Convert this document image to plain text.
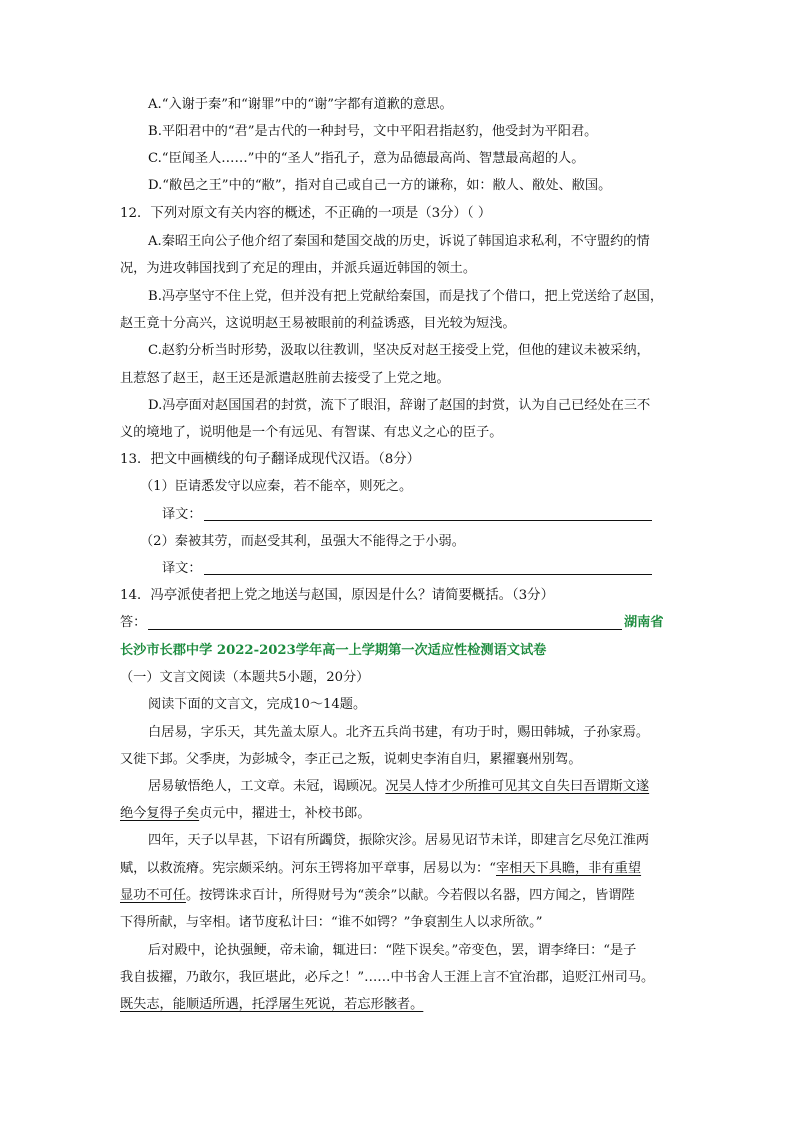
A.“入谢于秦”和“谢罪”中的“谢”字都有道歉的意思。
B.平阳君中的“君”是古代的一种封号，文中平阳君指赵豹，他受封为平阳君。
C.“臣闻圣人……”中的“圣人”指孔子，意为品德最高尚、智慧最高超的人。
D.“敝邑之王”中的“敝”，指对自己或自己一方的谦称，如：敝人、敝处、敝国。
12．下列对原文有关内容的概述，不正确的一项是（3分）（ ）
A.秦昭王向公子他介绍了秦国和楚国交战的历史，诉说了韩国追求私利，不守盟约的情
况，为进攻韩国找到了充足的理由，并派兵逼近韩国的领土。
B.冯亭坚守不住上党，但并没有把上党献给秦国，而是找了个借口，把上党送给了赵国，
赵王竟十分高兴，这说明赵王易被眼前的利益诱惑，目光较为短浅。
C.赵豹分析当时形势，汲取以往教训，坚决反对赵王接受上党，但他的建议未被采纳，
且惹怒了赵王，赵王还是派遣赵胜前去接受了上党之地。
D.冯亭面对赵国国君的封赏，流下了眼泪，辞谢了赵国的封赏，认为自己已经处在三不
义的境地了，说明他是一个有远见、有智谋、有忠义之心的臣子。
13．把文中画横线的句子翻译成现代汉语。（8分）
（1）臣请悉发守以应秦，若不能卒，则死之。
译文：
（2）秦被其劳，而赵受其利，虽强大不能得之于小弱。
译文：
14．冯亭派使者把上党之地送与赵国，原因是什么？请简要概括。（3分）
答：	湖南省
长沙市长郡中学 2022-2023学年高一上学期第一次适应性检测语文试卷
（一）文言文阅读（本题共5小题，20分）
阅读下面的文言文，完成10～14题。
白居易，字乐天，其先盖太原人。北齐五兵尚书建，有功于时，赐田韩城，子孙家焉。
又徙下邽。父季庚，为彭城令，李正己之叛，说刺史李洧自归，累擢襄州别驾。
居易敏悟绝人，工文章。未冠，谒顾况。况吴人恃才少所推可见其文自失曰吾谓斯文遂
绝今复得子矣贞元中，擢进士，补校书郎。
四年，天子以旱甚，下诏有所蠲贷，振除灾沴。居易见诏节未详，即建言乞尽免江淮两
赋，以救流瘠。宪宗颇采纳。河东王锷将加平章事，居易以为：“宰相天下具瞻，非有重望
显功不可任。按锷诛求百计，所得财号为“羡余”以献。今若假以名器，四方闻之，皆谓陛
下得所献，与宰相。诸节度私计曰：“谁不如锷？”争裒割生人以求所欲。”
后对殿中，论执强鲠，帝未谕，辄进曰：“陛下误矣。”帝变色，罢，谓李绛曰：“是子
我自拔擢，乃敢尔，我叵堪此，必斥之！”……中书舍人王涯上言不宜治郡，追贬江州司马。
既失志，能顺适所遇，托浮屠生死说，若忘形骸者。
